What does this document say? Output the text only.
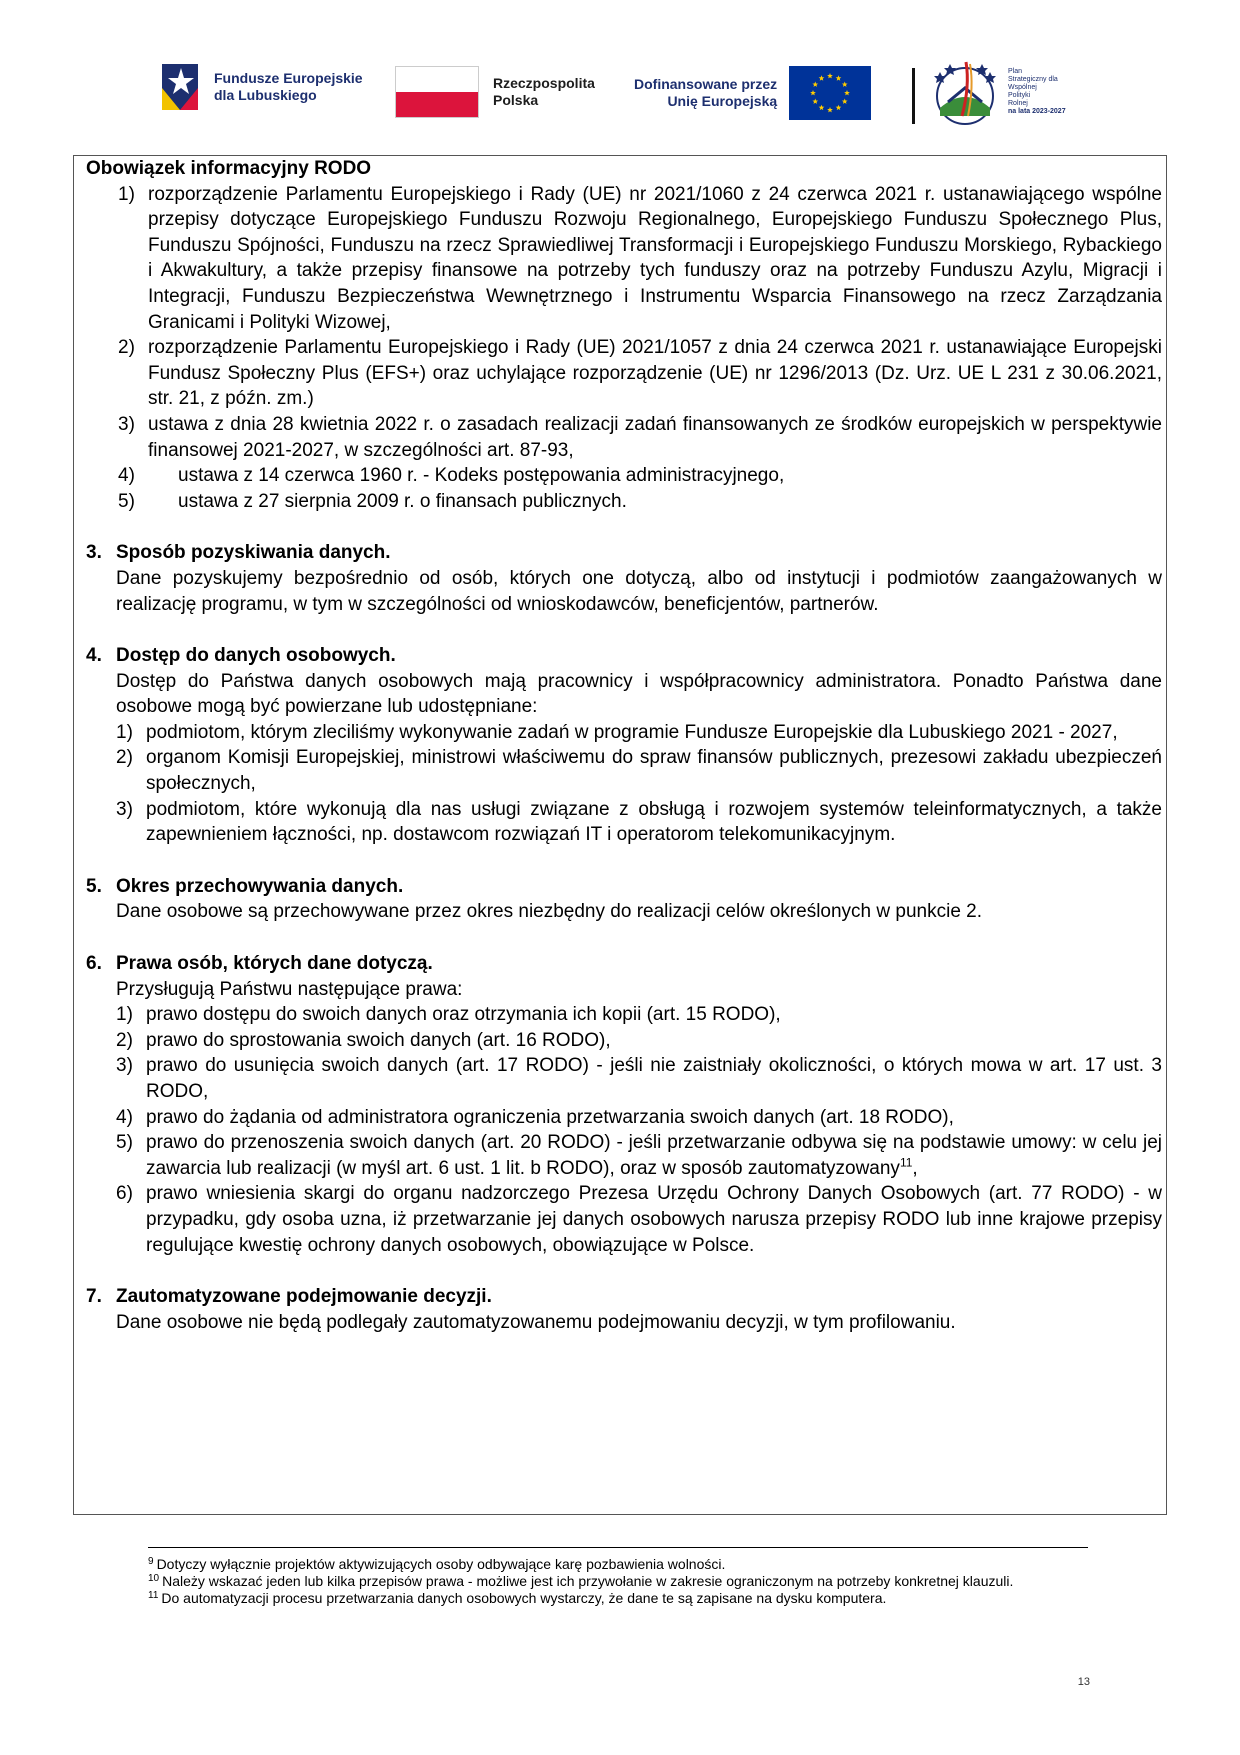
Fundusze Europejskie
dla Lubuskiego
Rzeczpospolita
Polska
Dofinansowane przez
Unię Europejską
Plan
Strategiczny dla
Wspólnej
Polityki
Rolnej
na lata 2023-2027

Obowiązek informacyjny RODO

1) rozporządzenie Parlamentu Europejskiego i Rady (UE) nr 2021/1060 z 24 czerwca 2021 r. ustanawiającego wspólne przepisy dotyczące Europejskiego Funduszu Rozwoju Regionalnego, Europejskiego Funduszu Społecznego Plus, Funduszu Spójności, Funduszu na rzecz Sprawiedliwej Transformacji i Europejskiego Funduszu Morskiego, Rybackiego i Akwakultury, a także przepisy finansowe na potrzeby tych funduszy oraz na potrzeby Funduszu Azylu, Migracji i Integracji, Funduszu Bezpieczeństwa Wewnętrznego i Instrumentu Wsparcia Finansowego na rzecz Zarządzania Granicami i Polityki Wizowej,
2) rozporządzenie Parlamentu Europejskiego i Rady (UE) 2021/1057 z dnia 24 czerwca 2021 r. ustanawiające Europejski Fundusz Społeczny Plus (EFS+) oraz uchylające rozporządzenie (UE) nr 1296/2013 (Dz. Urz. UE L 231 z 30.06.2021, str. 21, z późn. zm.)
3) ustawa z dnia 28 kwietnia 2022 r. o zasadach realizacji zadań finansowanych ze środków europejskich w perspektywie finansowej 2021-2027, w szczególności art. 87-93,
4)	ustawa z 14 czerwca 1960 r. - Kodeks postępowania administracyjnego,
5)	ustawa z 27 sierpnia 2009 r. o finansach publicznych.
3. Sposób pozyskiwania danych.
Dane pozyskujemy bezpośrednio od osób, których one dotyczą, albo od instytucji i podmiotów zaangażowanych w realizację programu, w tym w szczególności od wnioskodawców, beneficjentów, partnerów.
4. Dostęp do danych osobowych.
Dostęp do Państwa danych osobowych mają pracownicy i współpracownicy administratora. Ponadto Państwa dane osobowe mogą być powierzane lub udostępniane:
1) podmiotom, którym zleciliśmy wykonywanie zadań w programie Fundusze Europejskie dla Lubuskiego 2021 - 2027,
2) organom Komisji Europejskiej, ministrowi właściwemu do spraw finansów publicznych, prezesowi zakładu ubezpieczeń społecznych,
3) podmiotom, które wykonują dla nas usługi związane z obsługą i rozwojem systemów teleinformatycznych, a także zapewnieniem łączności, np. dostawcom rozwiązań IT i operatorom telekomunikacyjnym.
5. Okres przechowywania danych.
Dane osobowe są przechowywane przez okres niezbędny do realizacji celów określonych w punkcie 2.
6. Prawa osób, których dane dotyczą.
Przysługują Państwu następujące prawa:
1) prawo dostępu do swoich danych oraz otrzymania ich kopii (art. 15 RODO),
2) prawo do sprostowania swoich danych (art. 16 RODO),
3) prawo do usunięcia swoich danych (art. 17 RODO) - jeśli nie zaistniały okoliczności, o których mowa w art. 17 ust. 3 RODO,
4) prawo do żądania od administratora ograniczenia przetwarzania swoich danych (art. 18 RODO),
5) prawo do przenoszenia swoich danych (art. 20 RODO) - jeśli przetwarzanie odbywa się na podstawie umowy: w celu jej zawarcia lub realizacji (w myśl art. 6 ust. 1 lit. b RODO), oraz w sposób zautomatyzowany$^{11}$,
6) prawo wniesienia skargi do organu nadzorczego Prezesa Urzędu Ochrony Danych Osobowych (art. 77 RODO) - w przypadku, gdy osoba uzna, iż przetwarzanie jej danych osobowych narusza przepisy RODO lub inne krajowe przepisy regulujące kwestię ochrony danych osobowych, obowiązujące w Polsce.
7. Zautomatyzowane podejmowanie decyzji.
Dane osobowe nie będą podlegały zautomatyzowanemu podejmowaniu decyzji, w tym profilowaniu.
9 Dotyczy wyłącznie projektów aktywizujących osoby odbywające karę pozbawienia wolności.
10 Należy wskazać jeden lub kilka przepisów prawa - możliwe jest ich przywołanie w zakresie ograniczonym na potrzeby konkretnej klauzuli.
11 Do automatyzacji procesu przetwarzania danych osobowych wystarczy, że dane te są zapisane na dysku komputera.
13
